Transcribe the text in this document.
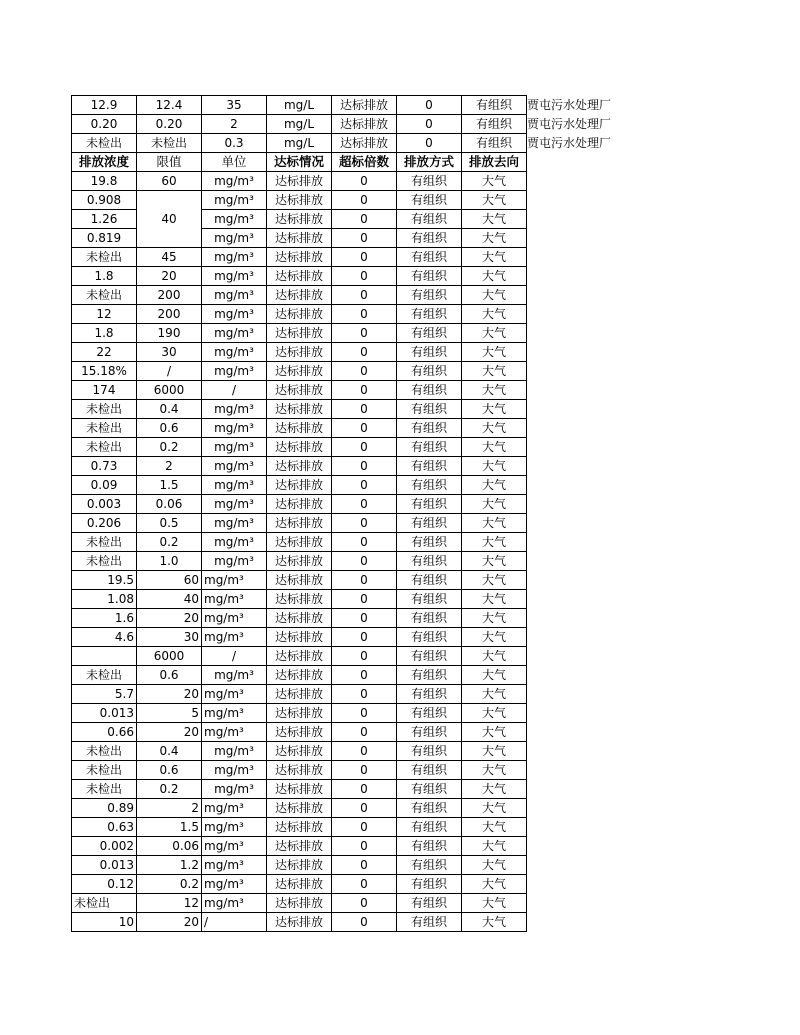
12.9	12.4	35	mg/L	达标排放	0	有组织	贾屯污水处理厂
0.20	0.20	2	mg/L	达标排放	0	有组织	贾屯污水处理厂
未检出	未检出	0.3	mg/L	达标排放	0	有组织	贾屯污水处理厂
排放浓度	限值	单位	达标情况	超标倍数	排放方式	排放去向	
19.8	60	mg/m³	达标排放	0	有组织	大气	
0.908		mg/m³	达标排放	0	有组织	大气	
1.26	40	mg/m³	达标排放	0	有组织	大气	
0.819		mg/m³	达标排放	0	有组织	大气	
未检出	45	mg/m³	达标排放	0	有组织	大气	
1.8	20	mg/m³	达标排放	0	有组织	大气	
未检出	200	mg/m³	达标排放	0	有组织	大气	
12	200	mg/m³	达标排放	0	有组织	大气	
1.8	190	mg/m³	达标排放	0	有组织	大气	
22	30	mg/m³	达标排放	0	有组织	大气	
15.18%	/	mg/m³	达标排放	0	有组织	大气	
174	6000	/	达标排放	0	有组织	大气	
未检出	0.4	mg/m³	达标排放	0	有组织	大气	
未检出	0.6	mg/m³	达标排放	0	有组织	大气	
未检出	0.2	mg/m³	达标排放	0	有组织	大气	
0.73	2	mg/m³	达标排放	0	有组织	大气	
0.09	1.5	mg/m³	达标排放	0	有组织	大气	
0.003	0.06	mg/m³	达标排放	0	有组织	大气	
0.206	0.5	mg/m³	达标排放	0	有组织	大气	
未检出	0.2	mg/m³	达标排放	0	有组织	大气	
未检出	1.0	mg/m³	达标排放	0	有组织	大气	
19.5	60	mg/m³	达标排放	0	有组织	大气	
1.08	40	mg/m³	达标排放	0	有组织	大气	
1.6	20	mg/m³	达标排放	0	有组织	大气	
4.6	30	mg/m³	达标排放	0	有组织	大气	
	6000	/	达标排放	0	有组织	大气	
未检出	0.6	mg/m³	达标排放	0	有组织	大气	
5.7	20	mg/m³	达标排放	0	有组织	大气	
0.013	5	mg/m³	达标排放	0	有组织	大气	
0.66	20	mg/m³	达标排放	0	有组织	大气	
未检出	0.4	mg/m³	达标排放	0	有组织	大气	
未检出	0.6	mg/m³	达标排放	0	有组织	大气	
未检出	0.2	mg/m³	达标排放	0	有组织	大气	
0.89	2	mg/m³	达标排放	0	有组织	大气	
0.63	1.5	mg/m³	达标排放	0	有组织	大气	
0.002	0.06	mg/m³	达标排放	0	有组织	大气	
0.013	1.2	mg/m³	达标排放	0	有组织	大气	
0.12	0.2	mg/m³	达标排放	0	有组织	大气	
未检出	12	mg/m³	达标排放	0	有组织	大气	
10	20	/	达标排放	0	有组织	大气	
